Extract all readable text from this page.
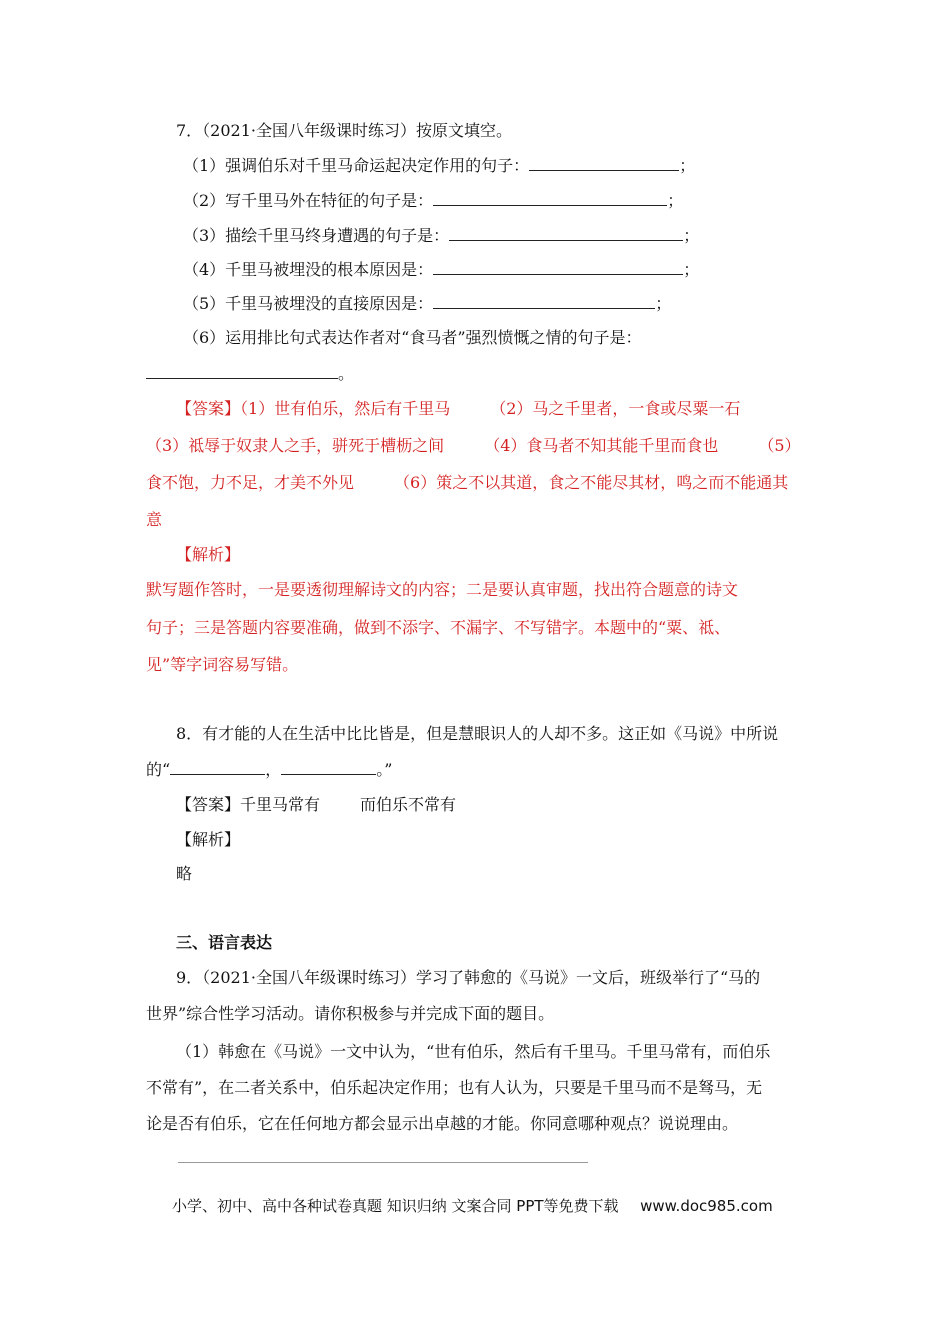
7．（2021·全国八年级课时练习）按原文填空。
（1）强调伯乐对千里马命运起决定作用的句子：	；
（2）写千里马外在特征的句子是：	；
（3）描绘千里马终身遭遇的句子是：	；
（4）千里马被埋没的根本原因是：	；
（5）千里马被埋没的直接原因是：	；
（6）运用排比句式表达作者对“食马者”强烈愤慨之情的句子是：
。
【答案】（1）世有伯乐，然后有千里马	（2）马之千里者，一食或尽粟一石
（3）祗辱于奴隶人之手，骈死于槽枥之间	（4）食马者不知其能千里而食也	（5）
食不饱，力不足，才美不外见	（6）策之不以其道，食之不能尽其材，鸣之而不能通其
意
【解析】
默写题作答时，一是要透彻理解诗文的内容；二是要认真审题，找出符合题意的诗文
句子；三是答题内容要准确，做到不添字、不漏字、不写错字。本题中的“粟、祗、
见”等字词容易写错。
8．有才能的人在生活中比比皆是，但是慧眼识人的人却不多。这正如《马说》中所说
的“	，	。”
【答案】千里马常有	而伯乐不常有
【解析】
略
三、语言表达
9．（2021·全国八年级课时练习）学习了韩愈的《马说》一文后，班级举行了“马的
世界”综合性学习活动。请你积极参与并完成下面的题目。
（1）韩愈在《马说》一文中认为，“世有伯乐，然后有千里马。千里马常有，而伯乐
不常有”，在二者关系中，伯乐起决定作用；也有人认为，只要是千里马而不是驽马，无
论是否有伯乐，它在任何地方都会显示出卓越的才能。你同意哪种观点？说说理由。
小学、初中、高中各种试卷真题 知识归纳 文案合同 PPT等免费下载 www.doc985.com
